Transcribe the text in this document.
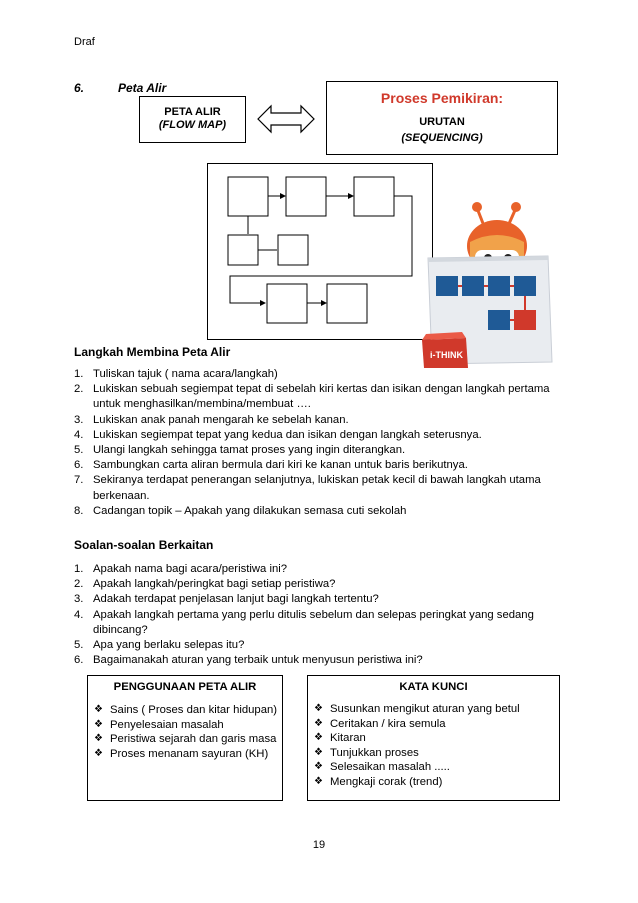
Draf
6.	Peta Alir
PETA ALIR
(FLOW MAP)
Proses Pemikiran:
URUTAN
(SEQUENCING)
i-THINK
Langkah Membina Peta Alir
1. Tuliskan tajuk ( nama acara/langkah)
2. Lukiskan sebuah segiempat tepat di sebelah kiri kertas dan isikan dengan langkah pertama untuk menghasilkan/membina/membuat ….
3. Lukiskan anak panah mengarah ke sebelah kanan.
4. Lukiskan segiempat tepat yang kedua dan isikan dengan langkah seterusnya.
5. Ulangi langkah sehingga tamat proses yang ingin diterangkan.
6. Sambungkan carta aliran bermula dari kiri ke kanan untuk baris berikutnya.
7. Sekiranya terdapat penerangan selanjutnya, lukiskan petak kecil di bawah langkah utama berkenaan.
8. Cadangan topik – Apakah yang dilakukan semasa cuti sekolah
Soalan-soalan Berkaitan
1. Apakah nama bagi acara/peristiwa ini?
2. Apakah langkah/peringkat bagi setiap peristiwa?
3. Adakah terdapat penjelasan lanjut bagi langkah tertentu?
4. Apakah langkah pertama yang perlu ditulis sebelum dan selepas peringkat yang sedang dibincang?
5. Apa yang berlaku selepas itu?
6. Bagaimanakah aturan yang terbaik untuk menyusun peristiwa ini?
PENGGUNAAN PETA ALIR
❖ Sains ( Proses dan kitar hidupan)
❖ Penyelesaian masalah
❖ Peristiwa sejarah dan garis masa
❖ Proses menanam sayuran (KH)
KATA KUNCI
❖ Susunkan mengikut aturan yang betul
❖ Ceritakan / kira semula
❖ Kitaran
❖ Tunjukkan proses
❖ Selesaikan masalah .....
❖ Mengkaji corak (trend)
19
